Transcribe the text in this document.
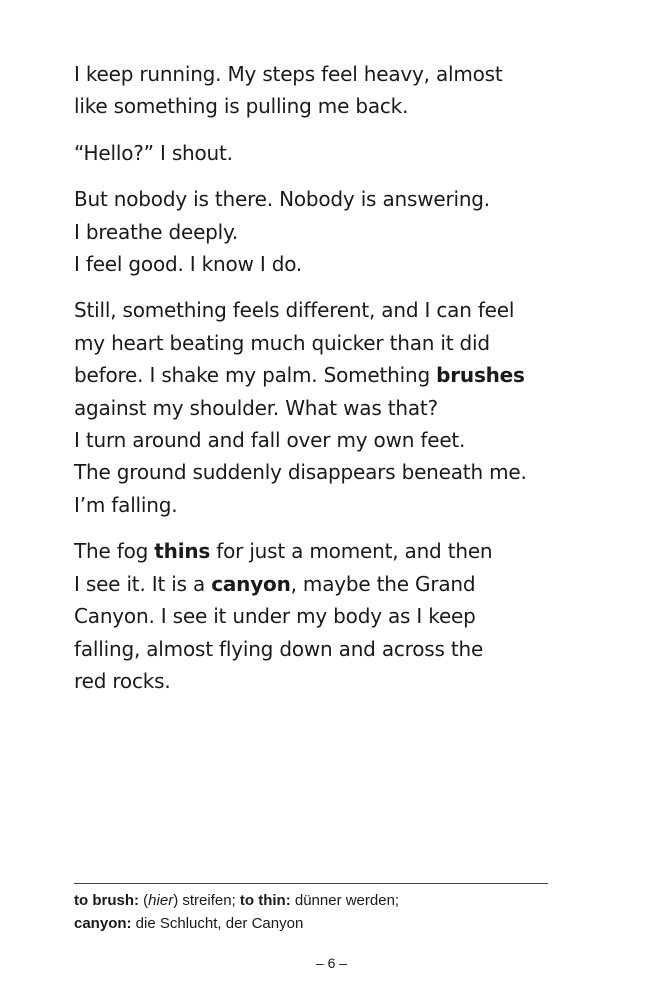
I keep running. My steps feel heavy, almost
like something is pulling me back.

“Hello?” I shout.

But nobody is there. Nobody is answering.
I breathe deeply.
I feel good. I know I do.

Still, something feels different, and I can feel
my heart beating much quicker than it did
before. I shake my palm. Something brushes
against my shoulder. What was that?
I turn around and fall over my own feet.
The ground suddenly disappears beneath me.
I’m falling.

The fog thins for just a moment, and then
I see it. It is a canyon, maybe the Grand
Canyon. I see it under my body as I keep
falling, almost flying down and across the
red rocks.

to brush: (hier) streifen; to thin: dünner werden;
canyon: die Schlucht, der Canyon
– 6 –
